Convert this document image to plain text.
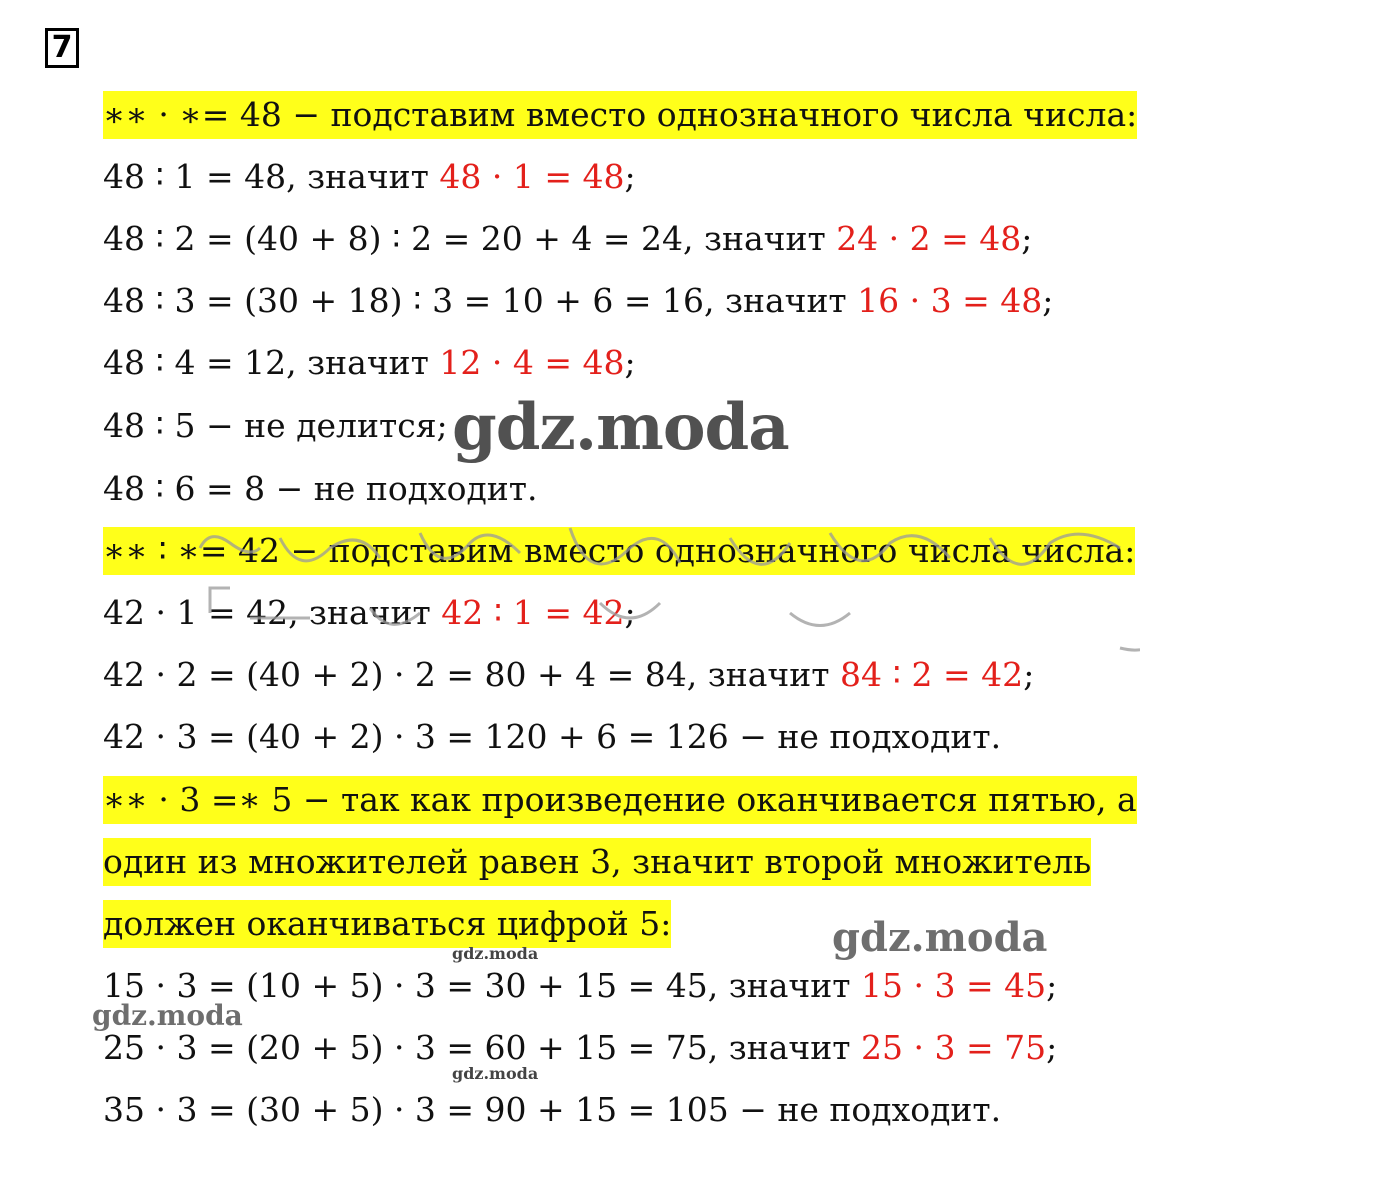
7
∗∗ · ∗= 48 − подставим вместо однозначного числа числа:
48 ∶ 1 = 48, значит 48 · 1 = 48;
48 ∶ 2 = (40 + 8) ∶ 2 = 20 + 4 = 24, значит 24 · 2 = 48;
48 ∶ 3 = (30 + 18) ∶ 3 = 10 + 6 = 16, значит 16 · 3 = 48;
48 ∶ 4 = 12, значит 12 · 4 = 48;
48 ∶ 5 − не делится;
48 ∶ 6 = 8 − не подходит.
∗∗ ∶ ∗= 42 − подставим вместо однозначного числа числа:
42 · 1 = 42, значит 42 ∶ 1 = 42;
42 · 2 = (40 + 2) · 2 = 80 + 4 = 84, значит 84 ∶ 2 = 42;
42 · 3 = (40 + 2) · 3 = 120 + 6 = 126 − не подходит.
∗∗ · 3 =∗ 5 − так как произведение оканчивается пятью, а
один из множителей равен 3, значит второй множитель
должен оканчиваться цифрой 5:
15 · 3 = (10 + 5) · 3 = 30 + 15 = 45, значит 15 · 3 = 45;
25 · 3 = (20 + 5) · 3 = 60 + 15 = 75, значит 25 · 3 = 75;
35 · 3 = (30 + 5) · 3 = 90 + 15 = 105 − не подходит.
gdz.moda
gdz.moda
gdz.moda
gdz.moda
gdz.moda
